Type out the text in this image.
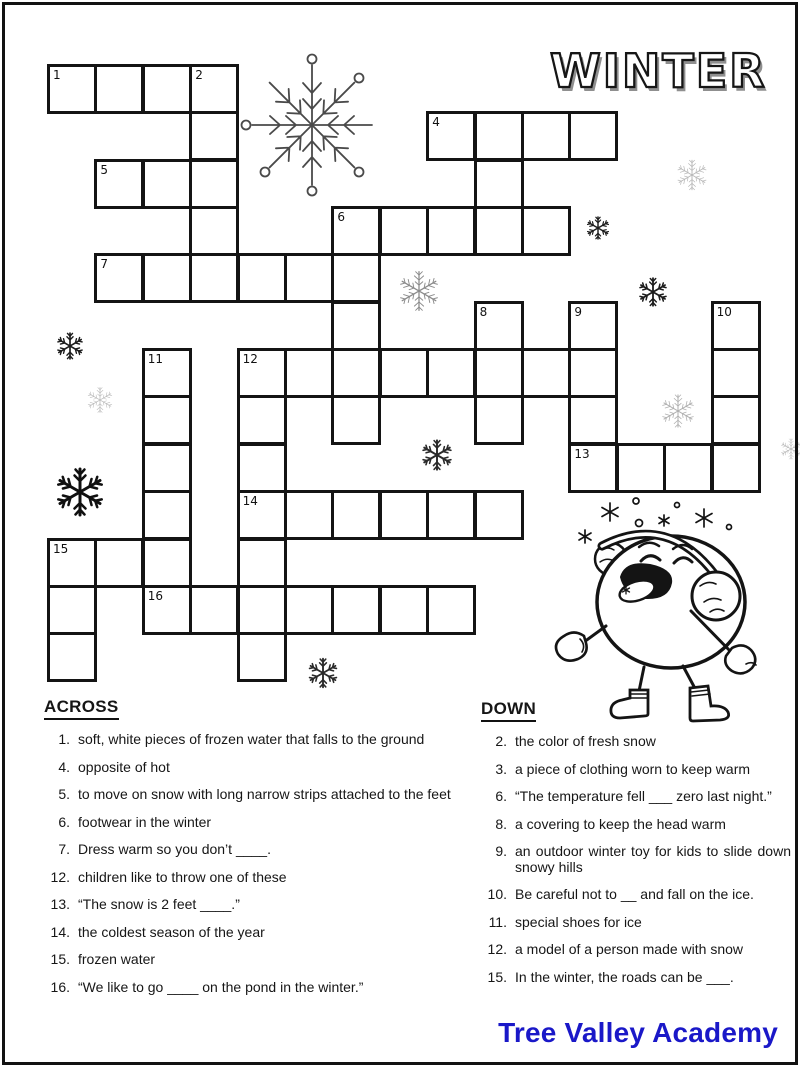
WINTER
1	2
4
5
6
7
8	9	10
11	12
13
14
15
16
ACROSS
1. soft, white pieces of frozen water that falls to the ground
4. opposite of hot
5. to move on snow with long narrow strips attached to the feet
6. footwear in the winter
7. Dress warm so you don’t ____.
12. children like to throw one of these
13. “The snow is 2 feet ____.”
14. the coldest season of the year
15. frozen water
16. “We like to go ____ on the pond in the winter.”
DOWN
2. the color of fresh snow
3. a piece of clothing worn to keep warm
6. “The temperature fell ___ zero last night.”
8. a covering to keep the head warm
9. an outdoor winter toy for kids to slide down snowy hills
10. Be careful not to __ and fall on the ice.
11. special shoes for ice
12. a model of a person made with snow
15. In the winter, the roads can be ___.
Tree Valley Academy
